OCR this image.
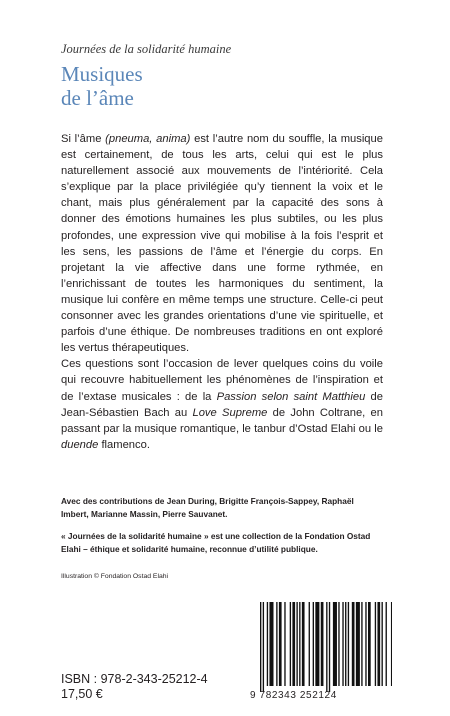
Journées de la solidarité humaine

Musiques
de l’âme

Si l’âme (pneuma, anima) est l’autre nom du souffle, la musique est certainement, de tous les arts, celui qui est le plus naturellement associé aux mouvements de l’intériorité. Cela s’explique par la place privilégiée qu’y tiennent la voix et le chant, mais plus généralement par la capacité des sons à donner des émotions humaines les plus subtiles, ou les plus profondes, une expression vive qui mobilise à la fois l’esprit et les sens, les passions de l’âme et l’énergie du corps. En projetant la vie affective dans une forme rythmée, en l’enrichissant de toutes les harmoniques du sentiment, la musique lui confère en même temps une structure. Celle-ci peut consonner avec les grandes orientations d’une vie spirituelle, et parfois d’une éthique. De nombreuses traditions en ont exploré les vertus thérapeutiques.

Ces questions sont l’occasion de lever quelques coins du voile qui recouvre habituellement les phénomènes de l’inspiration et de l’extase musicales : de la Passion selon saint Matthieu de Jean-Sébastien Bach au Love Supreme de John Coltrane, en passant par la musique romantique, le tanbur d’Ostad Elahi ou le duende flamenco.

Avec des contributions de Jean During, Brigitte François-Sappey, Raphaël Imbert, Marianne Massin, Pierre Sauvanet.

« Journées de la solidarité humaine » est une collection de la Fondation Ostad Elahi – éthique et solidarité humaine, reconnue d’utilité publique.

Illustration © Fondation Ostad Elahi

ISBN : 978-2-343-25212-4
17,50 €	9 782343 252124
